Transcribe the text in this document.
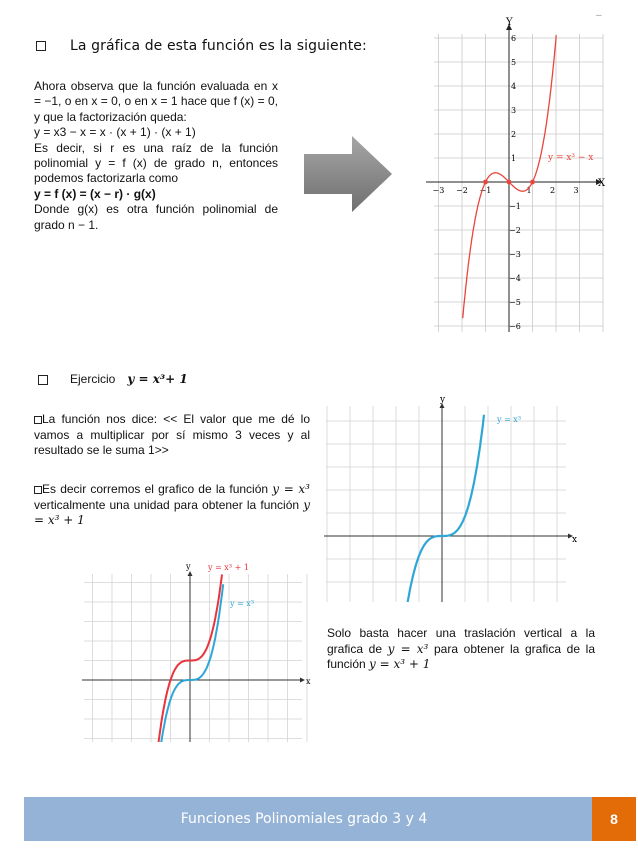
La gráfica de esta función es la siguiente:

Ahora observa que la función evaluada en x = −1, o en x = 0, o en x = 1 hace que f (x) = 0, y que la factorización queda:

y = x3 − x = x · (x + 1) · (x + 1)

Es decir, si r es una raíz de la función polinomial y = f (x) de grado n, entonces podemos factorizarla como

y = f (x) = (x − r) · g(x)

Donde g(x) es otra función polinomial de grado n − 1.

Y
X
−3 −2 −1	1 2 3
6
5
4
3
2
1
−1
−2
−3
−4
−5
−6
y = x³ − x
Ejercicio 𝒚 = 𝒙³+ 1
La función nos dice: << El valor que me dé lo vamos a multiplicar por sí mismo 3 veces y al resultado se le suma 1>>
Es decir corremos el grafico de la función y = x³ verticalmente una unidad para obtener la función y = x³ + 1
y
x
y = x³
y
x
y = x³ + 1
y = x³
Solo basta hacer una traslación vertical a la grafica de y = x³ para obtener la grafica de la función y = x³ + 1
–
Funciones Polinomiales grado 3 y 4	8
